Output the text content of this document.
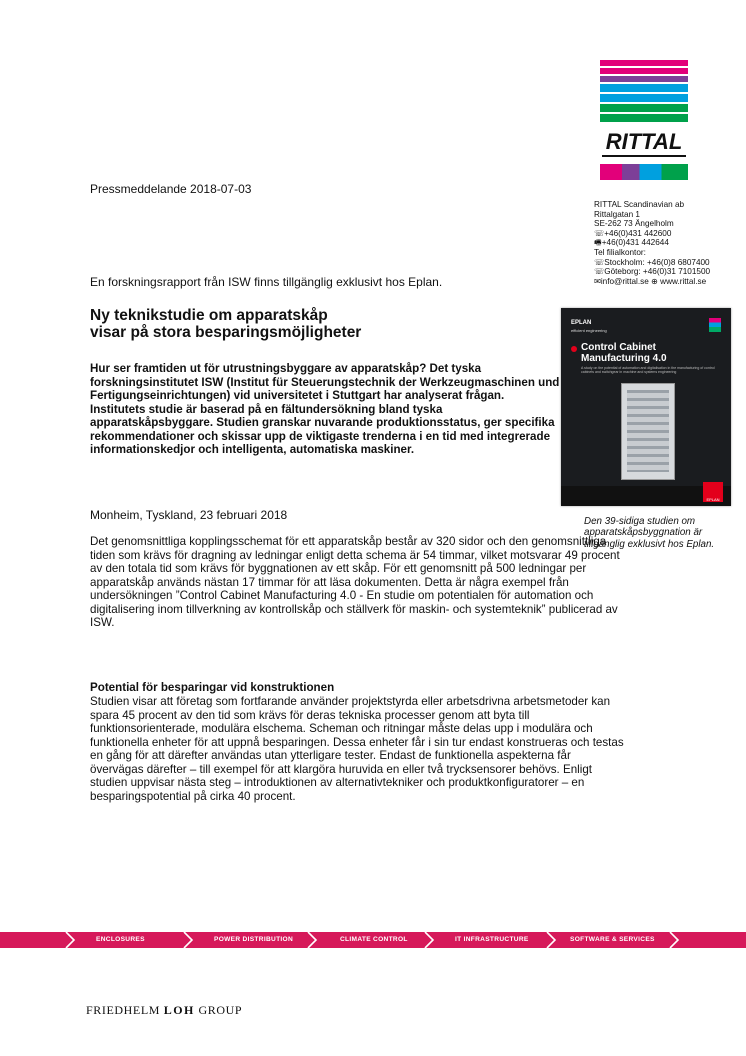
RITTAL
Pressmeddelande 2018-07-03
RITTAL Scandinavian ab
Rittalgatan 1
SE-262 73 Ängelholm
☏+46(0)431 442600
🖷+46(0)431 442644
Tel filialkontor:
☏Stockholm: +46(0)8 6807400
☏Göteborg: +46(0)31 7101500
✉info@rittal.se ⊕ www.rittal.se
En forskningsrapport från ISW finns tillgänglig exklusivt hos Eplan.
Ny teknikstudie om apparatskåp
visar på stora besparingsmöjligheter
Hur ser framtiden ut för utrustningsbyggare av apparatskåp? Det tyska forskningsinstitutet ISW (Institut für Steuerungstechnik der Werkzeugmaschinen und Fertigungseinrichtungen) vid universitetet i Stuttgart har analyserat frågan. Institutets studie är baserad på en fältundersökning bland tyska apparatskåpsbyggare. Studien granskar nuvarande produktionsstatus, ger specifika rekommendationer och skissar upp de viktigaste trenderna i en tid med integrerade informationskedjor och intelligenta, automatiska maskiner.
Monheim, Tyskland, 23 februari 2018
Det genomsnittliga kopplingsschemat för ett apparatskåp består av 320 sidor och den genomsnittliga tiden som krävs för dragning av ledningar enligt detta schema är 54 timmar, vilket motsvarar 49 procent av den totala tid som krävs för byggnationen av ett skåp. För ett genomsnitt på 500 ledningar per apparatskåp används nästan 17 timmar för att läsa dokumenten. Detta är några exempel från undersökningen ”Control Cabinet Manufacturing 4.0 - En studie om potentialen för automation och digitalisering inom tillverkning av kontrollskåp och ställverk för maskin- och systemteknik” publicerad av ISW.
Potential för besparingar vid konstruktionen
Studien visar att företag som fortfarande använder projektstyrda eller arbetsdrivna arbetsmetoder kan spara 45 procent av den tid som krävs för deras tekniska processer genom att byta till funktionsorienterade, modulära elschema. Scheman och ritningar måste delas upp i modulära och funktionella enheter för att uppnå besparingen. Dessa enheter får i sin tur endast konstrueras och testas en gång för att därefter användas utan ytterligare tester. Endast de funktionella aspekterna får övervägas därefter – till exempel för att klargöra huruvida en eller två trycksensorer behövs. Enligt studien uppvisar nästa steg – introduktionen av alternativtekniker och produktkonfiguratorer – en besparingspotential på cirka 40 procent.
EPLAN
efficient engineering
Control Cabinet Manufacturing 4.0
A study on the potential of automation and digitalisation in the manufacturing of control cabinets and switchgear in machine and systems engineering
EPLAN
Den 39-sidiga studien om apparatskåpsbyggnation är tillgänglig exklusivt hos Eplan.
ENCLOSURES	POWER DISTRIBUTION	CLIMATE CONTROL	IT INFRASTRUCTURE	SOFTWARE & SERVICES
FRIEDHELM LOH GROUP
